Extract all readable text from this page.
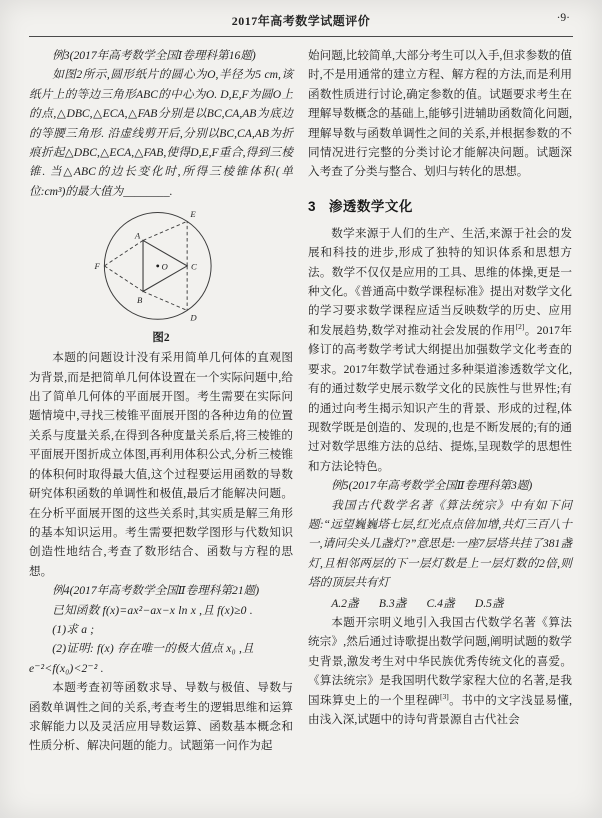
2017年高考数学试题评价	·9·

例3(2017年高考数学全国Ⅰ卷理科第16题)

如图2所示,圆形纸片的圆心为O,半径为5 cm,该纸片上的等边三角形ABC的中心为O. D,E,F为圆O上的点,△DBC,△ECA,△FAB分别是以BC,CA,AB为底边的等腰三角形. 沿虚线剪开后,分别以BC,CA,AB为折痕折起△DBC,△ECA,△FAB,使得D,E,F重合,得到三棱锥. 当△ABC的边长变化时,所得三棱锥体积(单位:cm³)的最大值为________.

A
B
C
E
F
D
O
图2

本题的问题设计没有采用简单几何体的直观图为背景,而是把简单几何体设置在一个实际问题中,给出了简单几何体的平面展开图。考生需要在实际问题情境中,寻找三棱锥平面展开图的各种边角的位置关系与度量关系,在得到各种度量关系后,将三棱锥的平面展开图折成立体图,再利用体积公式,分析三棱锥的体积何时取得最大值,这个过程要运用函数的导数研究体积函数的单调性和极值,最后才能解决问题。在分析平面展开图的这些关系时,其实质是解三角形的基本知识运用。考生需要把数学图形与代数知识创造性地结合,考查了数形结合、函数与方程的思想。

例4(2017年高考数学全国Ⅱ卷理科第21题)

已知函数 f(x)=ax²−ax−x ln x ,且 f(x)≥0 .

(1)求 a ;

(2)证明: f(x) 存在唯一的极大值点 x₀ ,且

e⁻²<f(x₀)<2⁻² .

本题考查初等函数求导、导数与极值、导数与函数单调性之间的关系,考查考生的逻辑思维和运算求解能力以及灵活应用导数运算、函数基本概念和性质分析、解决问题的能力。试题第一问作为起

始问题,比较简单,大部分考生可以入手,但求参数的值时,不是用通常的建立方程、解方程的方法,而是利用函数性质进行讨论,确定参数的值。试题要求考生在理解导数概念的基础上,能够引进辅助函数简化问题,理解导数与函数单调性之间的关系,并根据参数的不同情况进行完整的分类讨论才能解决问题。试题深入考查了分类与整合、划归与转化的思想。

3 渗透数学文化

数学来源于人们的生产、生活,来源于社会的发展和科技的进步,形成了独特的知识体系和思想方法。数学不仅仅是应用的工具、思维的体操,更是一种文化。《普通高中数学课程标准》提出对数学文化的学习要求数学课程应适当反映数学的历史、应用和发展趋势,数学对推动社会发展的作用[2]。2017年修订的高考数学考试大纲提出加强数学文化考查的要求。2017年数学试卷通过多种渠道渗透数学文化,有的通过数学史展示数学文化的民族性与世界性;有的通过向考生揭示知识产生的背景、形成的过程,体现数学既是创造的、发现的,也是不断发展的;有的通过对数学思维方法的总结、提炼,呈现数学的思想性和方法论特色。

例5(2017年高考数学全国Ⅱ卷理科第3题)

我国古代数学名著《算法统宗》中有如下问题:“远望巍巍塔七层,红光点点倍加增,共灯三百八十一,请问尖头几盏灯?”意思是:一座7层塔共挂了381盏灯,且相邻两层的下一层灯数是上一层灯数的2倍,则塔的顶层共有灯

A.2盏 B.3盏 C.4盏 D.5盏

本题开宗明义地引入我国古代数学名著《算法统宗》,然后通过诗歌提出数学问题,阐明试题的数学史背景,激发考生对中华民族优秀传统文化的喜爱。《算法统宗》是我国明代数学家程大位的名著,是我国珠算史上的一个里程碑[3]。书中的文字浅显易懂,由浅入深,试题中的诗句背景源自古代社会
